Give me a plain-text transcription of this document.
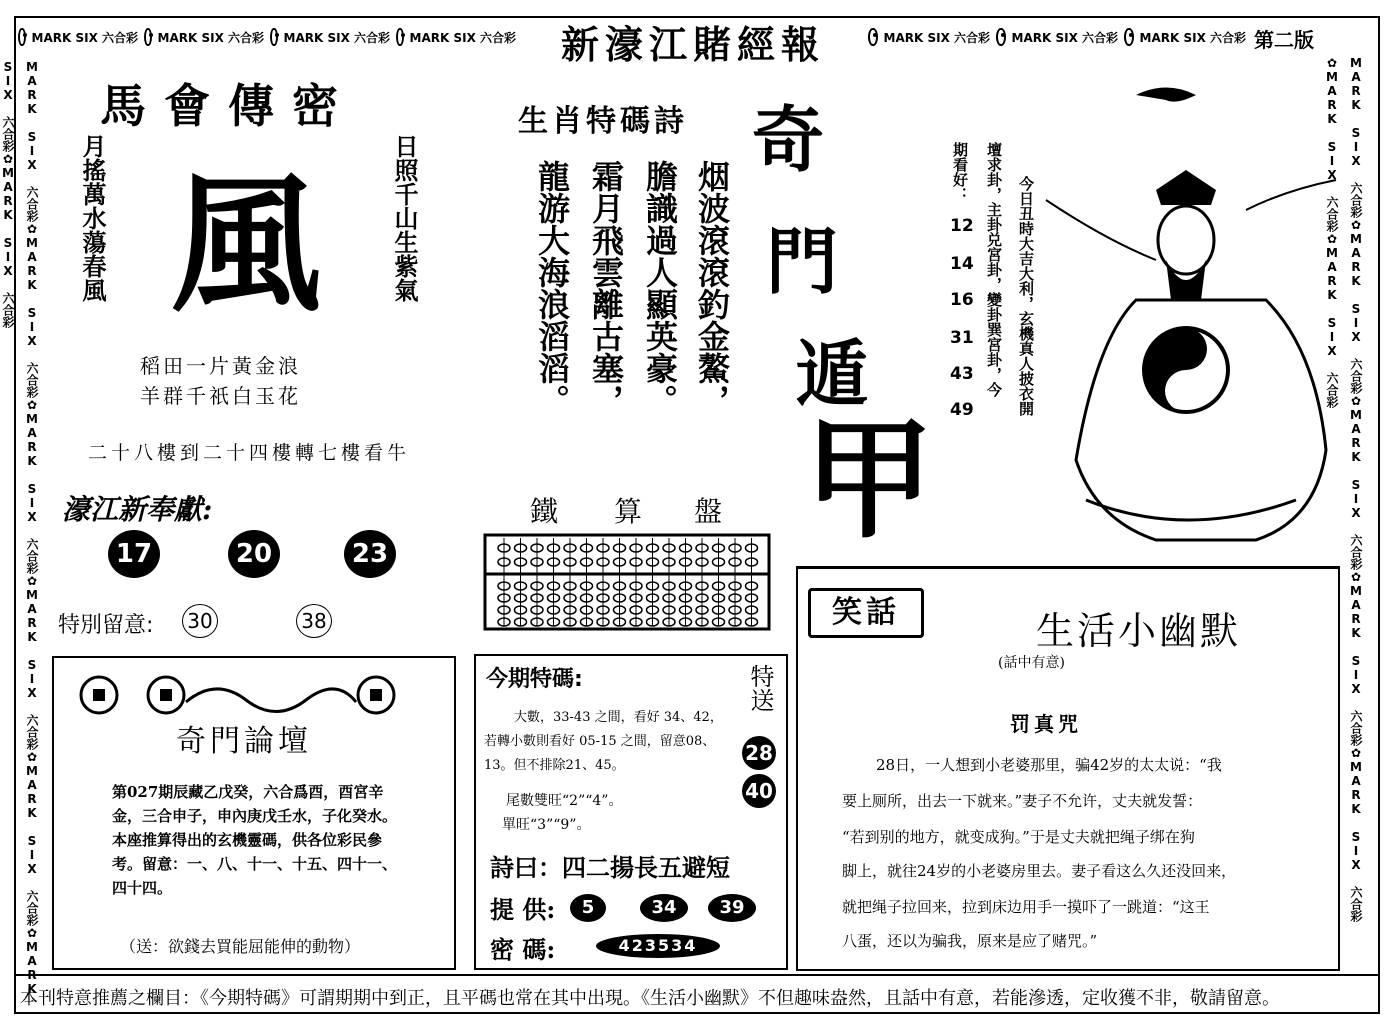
MARK SIX 六合彩 MARK SIX 六合彩 MARK SIX 六合彩 MARK SIX 六合彩	新濠江賭經報	MARK SIX 六合彩 MARK SIX 六合彩 MARK SIX 六合彩 第二版
MARK SIX 六合彩✿MARK SIX 六合彩✿MARK SIX 六合彩✿MARK SIX 六合彩✿MARK SIX 六合彩✿MARK SIX 六合彩✿MARK SIX 六合彩
MARK SIX 六合彩✿MARK SIX 六合彩✿MARK SIX 六合彩✿MARK SIX 六合彩✿MARK SIX 六合彩✿MARK SIX 六合彩✿MARK SIX 六合彩
馬會傳密
月搖萬水蕩春風 風	日照千山生紫氣
稻田一片黃金浪
羊群千祇白玉花
二十八樓到二十四樓轉七樓看牛
濠江新奉獻:
17	20	23
特別留意:	30	38
奇門論壇
第027期辰藏乙戊癸，六合爲酉，酉宮辛金，三合申子，申內庚戊壬水，子化癸水。本座推算得出的玄機靈碼，供各位彩民參考。留意：一、八、十一、十五、四十一、四十四。
（送：欲錢去買能屈能伸的動物）
生肖特碼詩
烟波滾滾釣金鰲，
膽識過人顯英豪。
霜月飛雲離古塞，
龍游大海浪滔滔。
鐵 算 盤
奇
門
遁
甲
今期特碼:
大數，33-43 之間，看好 34、42，若轉小數則看好 05-15 之間，留意08、13。但不排除21、45。
尾數雙旺“2”“4”。
單旺“3”“9”。
特送
28
40
詩曰：四二揚長五避短
提 供:	5	34	39
密 碼:	423534
今日丑時大吉大利，玄機真人披衣開
壇求卦，主卦兑宮卦，變卦巽宮卦，今
期看好：
12
14
16
31
43
49
笑話	生活小幽默
(話中有意)
罚真咒
28日，一人想到小老婆那里，骗42岁的太太说：“我
要上厕所，出去一下就来。”妻子不允许，丈夫就发誓：
“若到别的地方，就变成狗。”于是丈夫就把绳子绑在狗
脚上，就往24岁的小老婆房里去。妻子看这么久还没回来，
就把绳子拉回来，拉到床边用手一摸吓了一跳道：“这王
八蛋，还以为骗我，原来是应了赌咒。”
本刊特意推薦之欄目：《今期特碼》可謂期期中到正，且平碼也常在其中出現。《生活小幽默》不但趣味盎然，且話中有意，若能滲透，定收獲不非，敬請留意。
